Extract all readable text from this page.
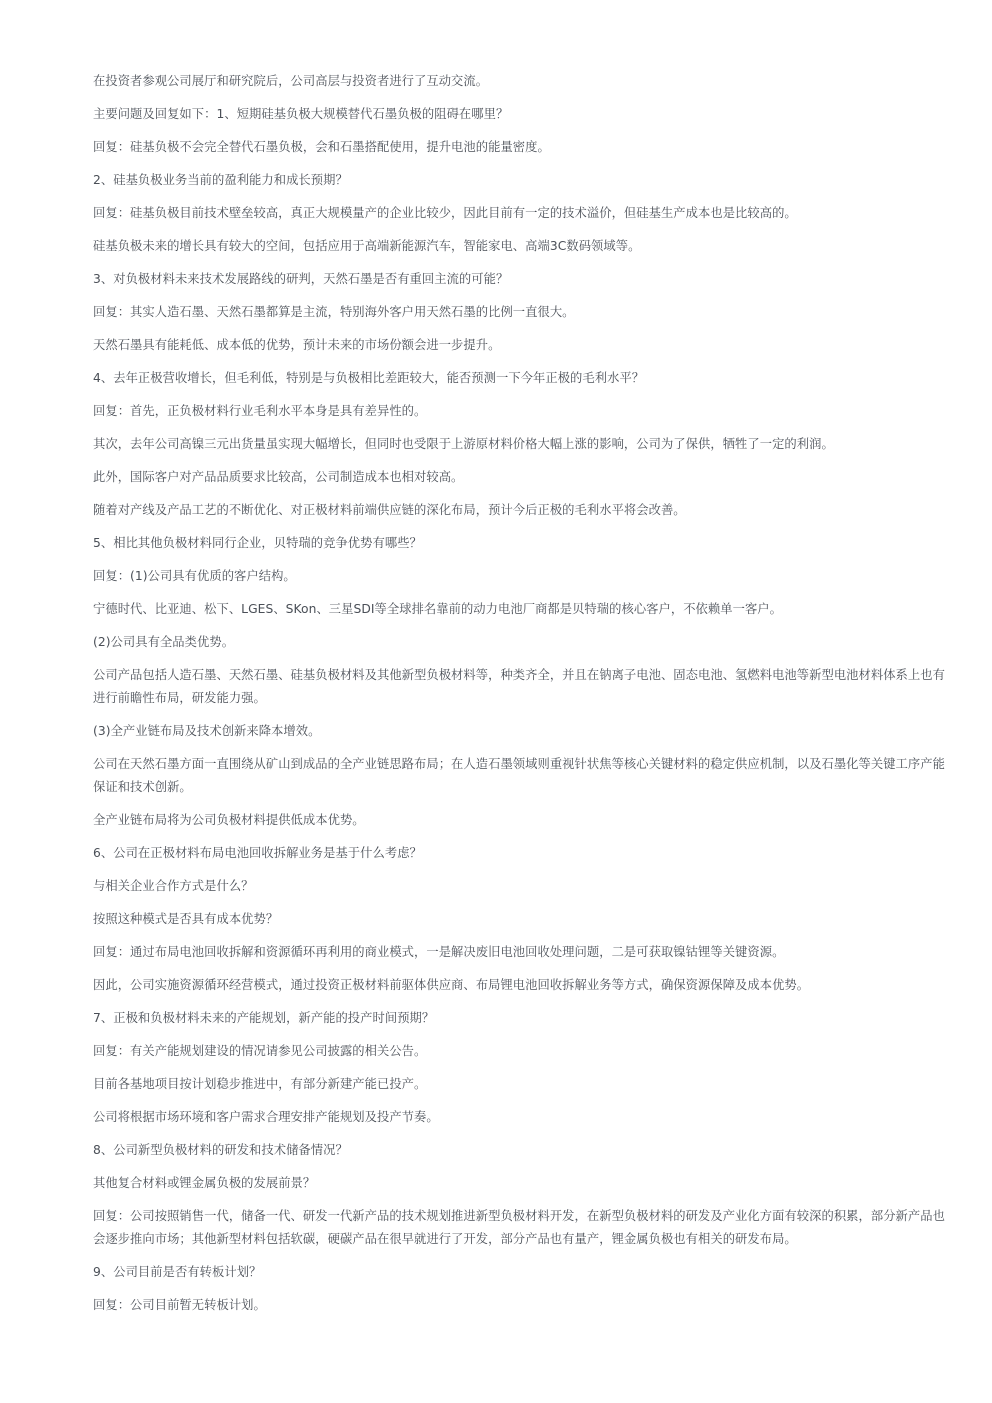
在投资者参观公司展厅和研究院后，公司高层与投资者进行了互动交流。

主要问题及回复如下：1、短期硅基负极大规模替代石墨负极的阻碍在哪里？

回复：硅基负极不会完全替代石墨负极，会和石墨搭配使用，提升电池的能量密度。

2、硅基负极业务当前的盈利能力和成长预期？

回复：硅基负极目前技术壁垒较高，真正大规模量产的企业比较少，因此目前有一定的技术溢价，但硅基生产成本也是比较高的。

硅基负极未来的增长具有较大的空间，包括应用于高端新能源汽车，智能家电、高端3C数码领域等。

3、对负极材料未来技术发展路线的研判，天然石墨是否有重回主流的可能？

回复：其实人造石墨、天然石墨都算是主流，特别海外客户用天然石墨的比例一直很大。

天然石墨具有能耗低、成本低的优势，预计未来的市场份额会进一步提升。

4、去年正极营收增长，但毛利低，特别是与负极相比差距较大，能否预测一下今年正极的毛利水平？

回复：首先，正负极材料行业毛利水平本身是具有差异性的。

其次，去年公司高镍三元出货量虽实现大幅增长，但同时也受限于上游原材料价格大幅上涨的影响，公司为了保供，牺牲了一定的利润。

此外，国际客户对产品品质要求比较高，公司制造成本也相对较高。

随着对产线及产品工艺的不断优化、对正极材料前端供应链的深化布局，预计今后正极的毛利水平将会改善。

5、相比其他负极材料同行企业，贝特瑞的竞争优势有哪些？

回复：(1)公司具有优质的客户结构。

宁德时代、比亚迪、松下、LGES、SKon、三星SDI等全球排名靠前的动力电池厂商都是贝特瑞的核心客户，不依赖单一客户。

(2)公司具有全品类优势。

公司产品包括人造石墨、天然石墨、硅基负极材料及其他新型负极材料等，种类齐全，并且在钠离子电池、固态电池、氢燃料电池等新型电池材料体系上也有进行前瞻性布局，研发能力强。

(3)全产业链布局及技术创新来降本增效。

公司在天然石墨方面一直围绕从矿山到成品的全产业链思路布局；在人造石墨领域则重视针状焦等核心关键材料的稳定供应机制，以及石墨化等关键工序产能保证和技术创新。

全产业链布局将为公司负极材料提供低成本优势。

6、公司在正极材料布局电池回收拆解业务是基于什么考虑？

与相关企业合作方式是什么？

按照这种模式是否具有成本优势？

回复：通过布局电池回收拆解和资源循环再利用的商业模式，一是解决废旧电池回收处理问题，二是可获取镍钴锂等关键资源。

因此，公司实施资源循环经营模式，通过投资正极材料前驱体供应商、布局锂电池回收拆解业务等方式，确保资源保障及成本优势。

7、正极和负极材料未来的产能规划，新产能的投产时间预期？

回复：有关产能规划建设的情况请参见公司披露的相关公告。

目前各基地项目按计划稳步推进中，有部分新建产能已投产。

公司将根据市场环境和客户需求合理安排产能规划及投产节奏。

8、公司新型负极材料的研发和技术储备情况？

其他复合材料或锂金属负极的发展前景？

回复：公司按照销售一代，储备一代、研发一代新产品的技术规划推进新型负极材料开发，在新型负极材料的研发及产业化方面有较深的积累，部分新产品也会逐步推向市场；其他新型材料包括软碳，硬碳产品在很早就进行了开发，部分产品也有量产，锂金属负极也有相关的研发布局。

9、公司目前是否有转板计划？

回复：公司目前暂无转板计划。
